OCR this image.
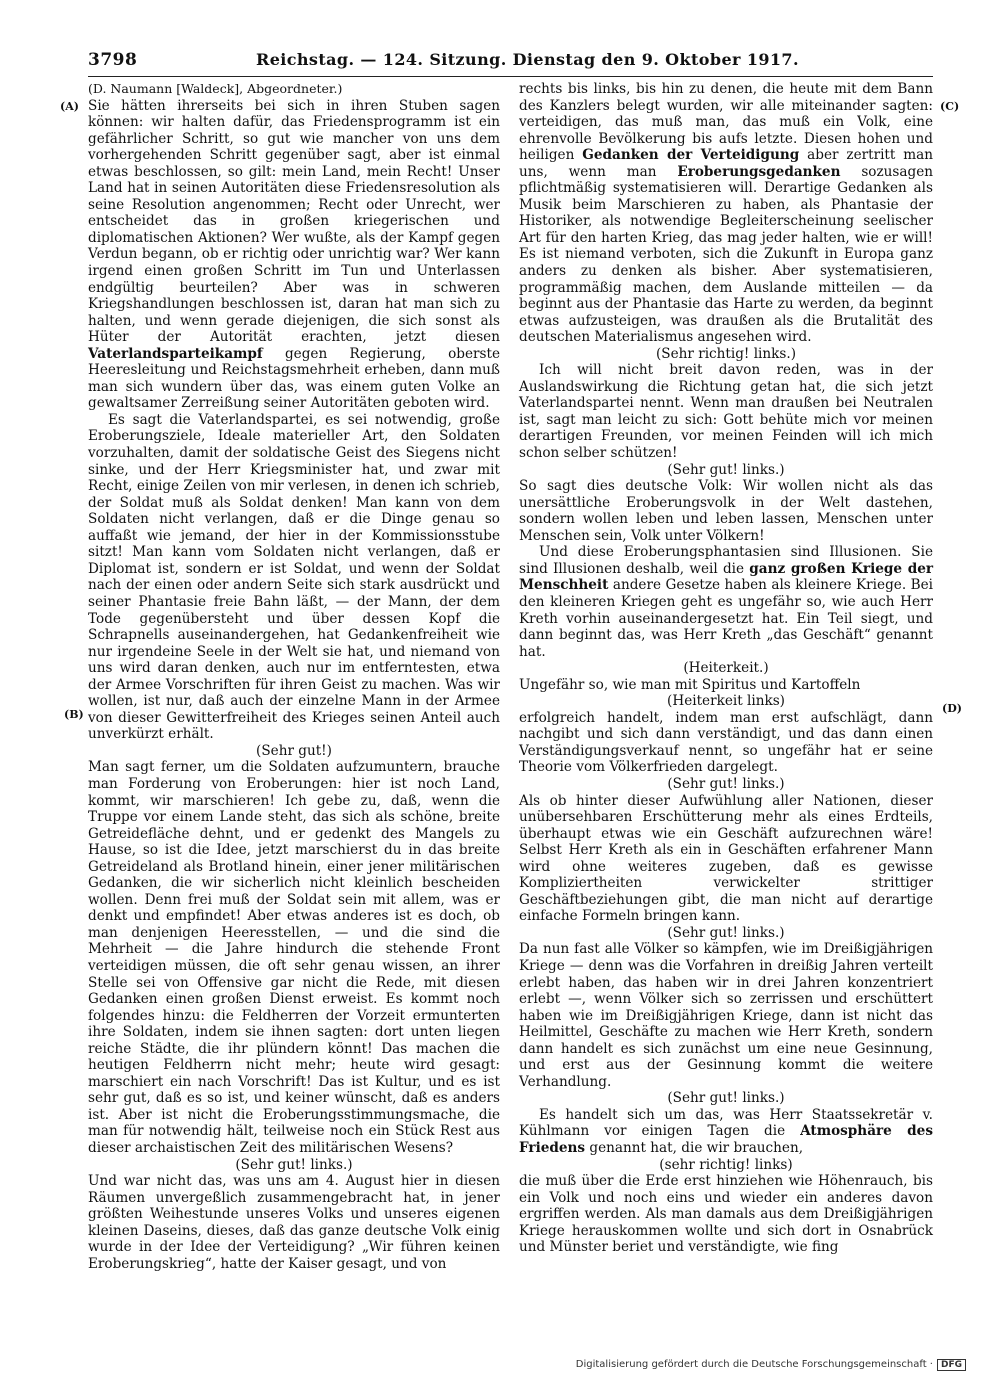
3798	Reichstag. — 124. Sitzung. Dienstag den 9. Oktober 1917.
(A)
(B)
(C)
(D)

(D. Naumann [Waldeck], Abgeordneter.)

Sie hätten ihrerseits bei sich in ihren Stuben sagen können: wir halten dafür, das Friedensprogramm ist ein gefährlicher Schritt, so gut wie mancher von uns dem vorhergehenden Schritt gegenüber sagt, aber ist einmal etwas beschlossen, so gilt: mein Land, mein Recht! Unser Land hat in seinen Autoritäten diese Friedensresolution als seine Resolution angenommen; Recht oder Unrecht, wer entscheidet das in großen kriegerischen und diplomatischen Aktionen? Wer wußte, als der Kampf gegen Verdun begann, ob er richtig oder unrichtig war? Wer kann irgend einen großen Schritt im Tun und Unterlassen endgültig beurteilen? Aber was in schweren Kriegshandlungen beschlossen ist, daran hat man sich zu halten, und wenn gerade diejenigen, die sich sonst als Hüter der Autorität erachten, jetzt diesen Vaterlandsparteikampf gegen Regierung, oberste Heeresleitung und Reichstagsmehrheit erheben, dann muß man sich wundern über das, was einem guten Volke an gewaltsamer Zerreißung seiner Autoritäten geboten wird.

Es sagt die Vaterlandspartei, es sei notwendig, große Eroberungsziele, Ideale materieller Art, den Soldaten vorzuhalten, damit der soldatische Geist des Siegens nicht sinke, und der Herr Kriegsminister hat, und zwar mit Recht, einige Zeilen von mir verlesen, in denen ich schrieb, der Soldat muß als Soldat denken! Man kann von dem Soldaten nicht verlangen, daß er die Dinge genau so auffaßt wie jemand, der hier in der Kommissionsstube sitzt! Man kann vom Soldaten nicht verlangen, daß er Diplomat ist, sondern er ist Soldat, und wenn der Soldat nach der einen oder andern Seite sich stark ausdrückt und seiner Phantasie freie Bahn läßt, — der Mann, der dem Tode gegenübersteht und über dessen Kopf die Schrapnells auseinandergehen, hat Gedankenfreiheit wie nur irgendeine Seele in der Welt sie hat, und niemand von uns wird daran denken, auch nur im entferntesten, etwa der Armee Vorschriften für ihren Geist zu machen. Was wir wollen, ist nur, daß auch der einzelne Mann in der Armee von dieser Gewitterfreiheit des Krieges seinen Anteil auch unverkürzt erhält.

(Sehr gut!)

Man sagt ferner, um die Soldaten aufzumuntern, brauche man Forderung von Eroberungen: hier ist noch Land, kommt, wir marschieren! Ich gebe zu, daß, wenn die Truppe vor einem Lande steht, das sich als schöne, breite Getreidefläche dehnt, und er gedenkt des Mangels zu Hause, so ist die Idee, jetzt marschierst du in das breite Getreideland als Brotland hinein, einer jener militärischen Gedanken, die wir sicherlich nicht kleinlich bescheiden wollen. Denn frei muß der Soldat sein mit allem, was er denkt und empfindet! Aber etwas anderes ist es doch, ob man denjenigen Heeresstellen, — und die sind die Mehrheit — die Jahre hindurch die stehende Front verteidigen müssen, die oft sehr genau wissen, an ihrer Stelle sei von Offensive gar nicht die Rede, mit diesen Gedanken einen großen Dienst erweist. Es kommt noch folgendes hinzu: die Feldherren der Vorzeit ermunterten ihre Soldaten, indem sie ihnen sagten: dort unten liegen reiche Städte, die ihr plündern könnt! Das machen die heutigen Feldherrn nicht mehr; heute wird gesagt: marschiert ein nach Vorschrift! Das ist Kultur, und es ist sehr gut, daß es so ist, und keiner wünscht, daß es anders ist. Aber ist nicht die Eroberungsstimmungsmache, die man für notwendig hält, teilweise noch ein Stück Rest aus dieser archaistischen Zeit des militärischen Wesens?

(Sehr gut! links.)

Und war nicht das, was uns am 4. August hier in diesen Räumen unvergeßlich zusammengebracht hat, in jener größten Weihestunde unseres Volks und unseres eigenen kleinen Daseins, dieses, daß das ganze deutsche Volk einig wurde in der Idee der Verteidigung? „Wir führen keinen Eroberungskrieg“, hatte der Kaiser gesagt, und von

rechts bis links, bis hin zu denen, die heute mit dem Bann des Kanzlers belegt wurden, wir alle miteinander sagten: verteidigen, das muß man, das muß ein Volk, eine ehrenvolle Bevölkerung bis aufs letzte. Diesen hohen und heiligen Gedanken der Verteidigung aber zertritt man uns, wenn man Eroberungsgedanken sozusagen pflichtmäßig systematisieren will. Derartige Gedanken als Musik beim Marschieren zu haben, als Phantasie der Historiker, als notwendige Begleiterscheinung seelischer Art für den harten Krieg, das mag jeder halten, wie er will! Es ist niemand verboten, sich die Zukunft in Europa ganz anders zu denken als bisher. Aber systematisieren, programmäßig machen, dem Auslande mitteilen — da beginnt aus der Phantasie das Harte zu werden, da beginnt etwas aufzusteigen, was draußen als die Brutalität des deutschen Materialismus angesehen wird.

(Sehr richtig! links.)

Ich will nicht breit davon reden, was in der Auslandswirkung die Richtung getan hat, die sich jetzt Vaterlandspartei nennt. Wenn man draußen bei Neutralen ist, sagt man leicht zu sich: Gott behüte mich vor meinen derartigen Freunden, vor meinen Feinden will ich mich schon selber schützen!

(Sehr gut! links.)

So sagt dies deutsche Volk: Wir wollen nicht als das unersättliche Eroberungsvolk in der Welt dastehen, sondern wollen leben und leben lassen, Menschen unter Menschen sein, Volk unter Völkern!

Und diese Eroberungsphantasien sind Illusionen. Sie sind Illusionen deshalb, weil die ganz großen Kriege der Menschheit andere Gesetze haben als kleinere Kriege. Bei den kleineren Kriegen geht es ungefähr so, wie auch Herr Kreth vorhin auseinandergesetzt hat. Ein Teil siegt, und dann beginnt das, was Herr Kreth „das Geschäft“ genannt hat.

(Heiterkeit.)

Ungefähr so, wie man mit Spiritus und Kartoffeln

(Heiterkeit links)

erfolgreich handelt, indem man erst aufschlägt, dann nachgibt und sich dann verständigt, und das dann einen Verständigungsverkauf nennt, so ungefähr hat er seine Theorie vom Völkerfrieden dargelegt.

(Sehr gut! links.)

Als ob hinter dieser Aufwühlung aller Nationen, dieser unübersehbaren Erschütterung mehr als eines Erdteils, überhaupt etwas wie ein Geschäft aufzurechnen wäre! Selbst Herr Kreth als ein in Geschäften erfahrener Mann wird ohne weiteres zugeben, daß es gewisse Kompliziertheiten verwickelter strittiger Geschäftbeziehungen gibt, die man nicht auf derartige einfache Formeln bringen kann.

(Sehr gut! links.)

Da nun fast alle Völker so kämpfen, wie im Dreißigjährigen Kriege — denn was die Vorfahren in dreißig Jahren verteilt erlebt haben, das haben wir in drei Jahren konzentriert erlebt —, wenn Völker sich so zerrissen und erschüttert haben wie im Dreißigjährigen Kriege, dann ist nicht das Heilmittel, Geschäfte zu machen wie Herr Kreth, sondern dann handelt es sich zunächst um eine neue Gesinnung, und erst aus der Gesinnung kommt die weitere Verhandlung.

(Sehr gut! links.)

Es handelt sich um das, was Herr Staatssekretär v. Kühlmann vor einigen Tagen die Atmosphäre des Friedens genannt hat, die wir brauchen,

(sehr richtig! links)

die muß über die Erde erst hinziehen wie Höhenrauch, bis ein Volk und noch eins und wieder ein anderes davon ergriffen werden. Als man damals aus dem Dreißigjährigen Kriege herauskommen wollte und sich dort in Osnabrück und Münster beriet und verständigte, wie fing

Digitalisierung gefördert durch die Deutsche Forschungsgemeinschaft · DFG
